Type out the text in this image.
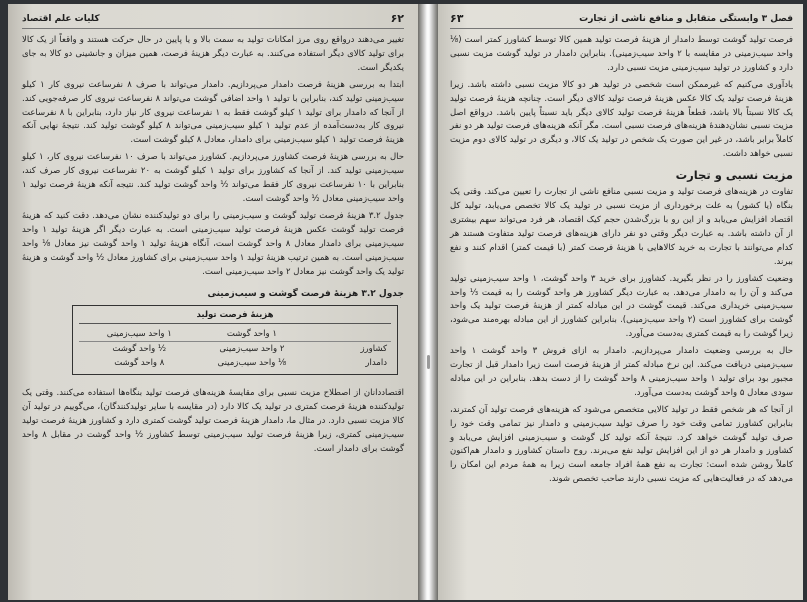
۶۲
کلیات علم اقتصاد

تغییر می‌دهند درواقع روی مرز امکانات تولید به سمت بالا و یا پایین در حال حرکت هستند و واقعاً از یک کالا برای تولید کالای دیگر استفاده می‌کنند. به عبارت دیگر هزینهٔ فرصت، همین میزان و جانشینی دو کالا به جای یکدیگر است.

ابتدا به بررسی هزینهٔ فرصت دامدار می‌پردازیم. دامدار می‌تواند با صرف ۸ نفرساعت نیروی کار ۱ کیلو سیب‌زمینی تولید کند، بنابراین با تولید ۱ واحد اضافی گوشت می‌تواند ۸ نفرساعت نیروی کار صرفه‌جویی کند. از آنجا که دامدار برای تولید ۱ کیلو گوشت فقط به ۱ نفرساعت نیروی کار نیاز دارد، بنابراین با ۸ نفرساعت نیروی کار به‌دست‌آمده از عدم تولید ۱ کیلو سیب‌زمینی می‌تواند ۸ کیلو گوشت تولید کند. نتیجهٔ نهایی آنکه هزینهٔ فرصت تولید ۱ کیلو سیب‌زمینی برای دامدار، معادل ۸ کیلو گوشت است.

حال به بررسی هزینهٔ فرصت کشاورز می‌پردازیم. کشاورز می‌تواند با صرف ۱۰ نفرساعت نیروی کار، ۱ کیلو سیب‌زمینی تولید کند. از آنجا که کشاورز برای تولید ۱ کیلو گوشت به ۲۰ نفرساعت نیروی کار صرف کند، بنابراین با ۱۰ نفرساعت نیروی کار فقط می‌تواند ½ واحد گوشت تولید کند. نتیجه آنکه هزینهٔ فرصت تولید ۱ واحد سیب‌زمینی معادل ½ واحد گوشت است.

جدول ۳.۲ هزینهٔ فرصت تولید گوشت و سیب‌زمینی را برای دو تولیدکننده نشان می‌دهد. دقت کنید که هزینهٔ فرصت تولید گوشت عکس هزینهٔ فرصت تولید سیب‌زمینی است. به عبارت دیگر اگر هزینهٔ تولید ۱ واحد سیب‌زمینی برای دامدار معادل ۸ واحد گوشت است، آنگاه هزینهٔ تولید ۱ واحد گوشت نیز معادل ⅛ واحد سیب‌زمینی است. به همین ترتیب هزینهٔ تولید ۱ واحد سیب‌زمینی برای کشاورز معادل ½ واحد گوشت و هزینهٔ تولید یک واحد گوشت نیز معادل ۲ واحد سیب‌زمینی است.

جدول ۳.۲ هزینهٔ فرصت گوشت و سیب‌زمینی
هزینهٔ فرصت تولید
۱ واحد گوشت
۱ واحد سیب‌زمینی
کشاورز
۲ واحد سیب‌زمینی
½ واحد گوشت
دامدار
⅛ واحد سیب‌زمینی
۸ واحد گوشت

اقتصاددانان از اصطلاح مزیت نسبی برای مقایسهٔ هزینه‌های فرصت تولید بنگاه‌ها استفاده می‌کنند. وقتی یک تولیدکننده هزینهٔ فرصت کمتری در تولید یک کالا دارد (در مقایسه با سایر تولیدکنندگان)، می‌گوییم در تولید آن کالا مزیت نسبی دارد. در مثال ما، دامدار هزینهٔ فرصت تولید گوشت کمتری دارد و کشاورز هزینهٔ فرصت تولید سیب‌زمینی کمتری، زیرا هزینهٔ فرصت تولید سیب‌زمینی توسط کشاورز ½ واحد گوشت در مقابل ۸ واحد گوشت برای دامدار است.

فصل ۳ وابستگی متقابل و منافع ناشی از تجارت
۶۳

فرصت تولید گوشت توسط دامدار از هزینهٔ فرصت تولید همین کالا توسط کشاورز کمتر است (⅛ واحد سیب‌زمینی در مقایسه با ۲ واحد سیب‌زمینی). بنابراین دامدار در تولید گوشت مزیت نسبی دارد و کشاورز در تولید سیب‌زمینی مزیت نسبی دارد.

یادآوری می‌کنیم که غیرممکن است شخصی در تولید هر دو کالا مزیت نسبی داشته باشد. زیرا هزینهٔ فرصت تولید یک کالا عکس هزینهٔ فرصت تولید کالای دیگر است. چنانچه هزینهٔ فرصت تولید یک کالا نسبتاً بالا باشد، قطعاً هزینهٔ فرصت تولید کالای دیگر باید نسبتاً پایین باشد. درواقع اصل مزیت نسبی نشان‌دهندهٔ هزینه‌های فرصت نسبی است. مگر آنکه هزینه‌های فرصت تولید هر دو نفر کاملاً برابر باشد، در غیر این صورت یک شخص در تولید یک کالا، و دیگری در تولید کالای دوم مزیت نسبی خواهد داشت.

مزیت نسبی و تجارت

تفاوت در هزینه‌های فرصت تولید و مزیت نسبی منافع ناشی از تجارت را تعیین می‌کند. وقتی یک بنگاه (یا کشور) به علت برخورداری از مزیت نسبی در تولید یک کالا تخصص می‌یابد، تولید کل اقتصاد افزایش می‌یابد و از این رو با بزرگ‌شدن حجم کیک اقتصاد، هر فرد می‌تواند سهم بیشتری از آن داشته باشد. به عبارت دیگر وقتی دو نفر دارای هزینه‌های فرصت تولید متفاوت هستند هر کدام می‌توانند با تجارت به خرید کالاهایی با هزینهٔ فرصت کمتر (با قیمت کمتر) اقدام کنند و نفع ببرند.

وضعیت کشاورز را در نظر بگیرید. کشاورز برای خرید ۳ واحد گوشت، ۱ واحد سیب‌زمینی تولید می‌کند و آن را به دامدار می‌دهد. به عبارت دیگر کشاورز هر واحد گوشت را به قیمت ⅓ واحد سیب‌زمینی خریداری می‌کند. قیمت گوشت در این مبادله کمتر از هزینهٔ فرصت تولید یک واحد گوشت برای کشاورز است (۲ واحد سیب‌زمینی). بنابراین کشاورز از این مبادله بهره‌مند می‌شود، زیرا گوشت را به قیمت کمتری به‌دست می‌آورد.

حال به بررسی وضعیت دامدار می‌پردازیم. دامدار به ازای فروش ۳ واحد گوشت ۱ واحد سیب‌زمینی دریافت می‌کند. این نرخ مبادله کمتر از هزینهٔ فرصت است زیرا دامدار قبل از تجارت مجبور بود برای تولید ۱ واحد سیب‌زمینی ۸ واحد گوشت را از دست بدهد. بنابراین در این مبادله سودی معادل ۵ واحد گوشت به‌دست می‌آورد.

از آنجا که هر شخص فقط در تولید کالایی متخصص می‌شود که هزینه‌های فرصت تولید آن کمترند، بنابراین کشاورز تمامی وقت خود را صرف تولید سیب‌زمینی و دامدار نیز تمامی وقت خود را صرف تولید گوشت خواهد کرد. نتیجهٔ آنکه تولید کل گوشت و سیب‌زمینی افزایش می‌یابد و کشاورز و دامدار هر دو از این افزایش تولید نفع می‌برند. روح داستان کشاورز و دامدار هم‌اکنون کاملاً روشن شده است: تجارت به نفع همهٔ افراد جامعه است زیرا به همهٔ مردم این امکان را می‌دهد که در فعالیت‌هایی که مزیت نسبی دارند صاحب تخصص شوند.
